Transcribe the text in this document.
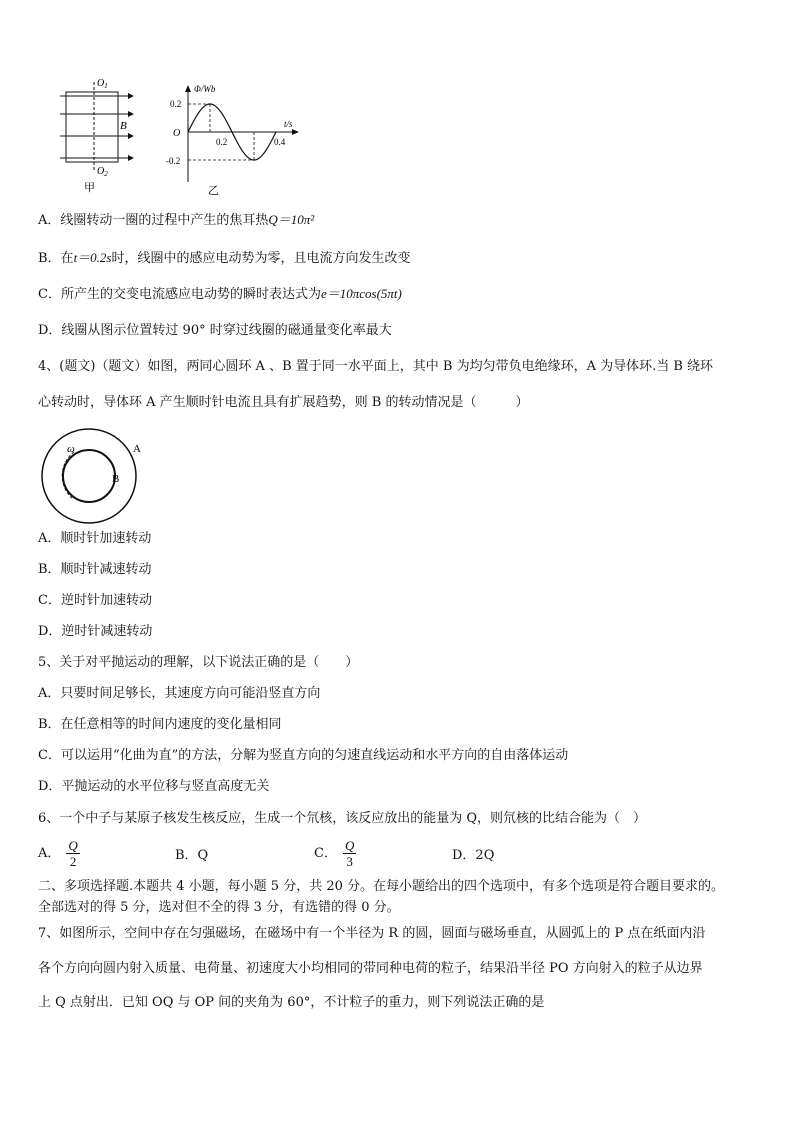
$O_1$
$O_2$
B
甲
Φ/Wb
t/s
O
0.2
-0.2
0.2	0.4
乙
A．线圈转动一圈的过程中产生的焦耳热Q＝10π²
B．在t＝0.2s时，线圈中的感应电动势为零，且电流方向发生改变
C．所产生的交变电流感应电动势的瞬时表达式为e＝10πcos(5πt)
D．线圈从图示位置转过 90° 时穿过线圈的磁通量变化率最大
4、(题文)（题文）如图，两同心圆环 A 、B 置于同一水平面上，其中 B 为均匀带负电绝缘环，A 为导体环.当 B 绕环
心转动时，导体环 A 产生顺时针电流且具有扩展趋势，则 B 的转动情况是（　　　）
A
B
ω
A．顺时针加速转动
B．顺时针减速转动
C．逆时针加速转动
D．逆时针减速转动
5、关于对平抛运动的理解，以下说法正确的是（　　）
A．只要时间足够长，其速度方向可能沿竖直方向
B．在任意相等的时间内速度的变化量相同
C．可以运用“化曲为直”的方法，分解为竖直方向的匀速直线运动和水平方向的自由落体运动
D．平抛运动的水平位移与竖直高度无关
6、一个中子与某原子核发生核反应，生成一个氘核，该反应放出的能量为 Q，则氘核的比结合能为（　）
A． $\frac{Q}{2}$	B．Q	C． $\frac{Q}{3}$	D．2Q
二、多项选择题.本题共 4 小题，每小题 5 分，共 20 分。在每小题给出的四个选项中，有多个选项是符合题目要求的。
全部选对的得 5 分，选对但不全的得 3 分，有选错的得 0 分。
7、如图所示，空间中存在匀强磁场，在磁场中有一个半径为 R 的圆，圆面与磁场垂直，从圆弧上的 P 点在纸面内沿
各个方向向圆内射入质量、电荷量、初速度大小均相同的带同种电荷的粒子，结果沿半径 PO 方向射入的粒子从边界
上 Q 点射出．已知 OQ 与 OP 间的夹角为 60°，不计粒子的重力，则下列说法正确的是
